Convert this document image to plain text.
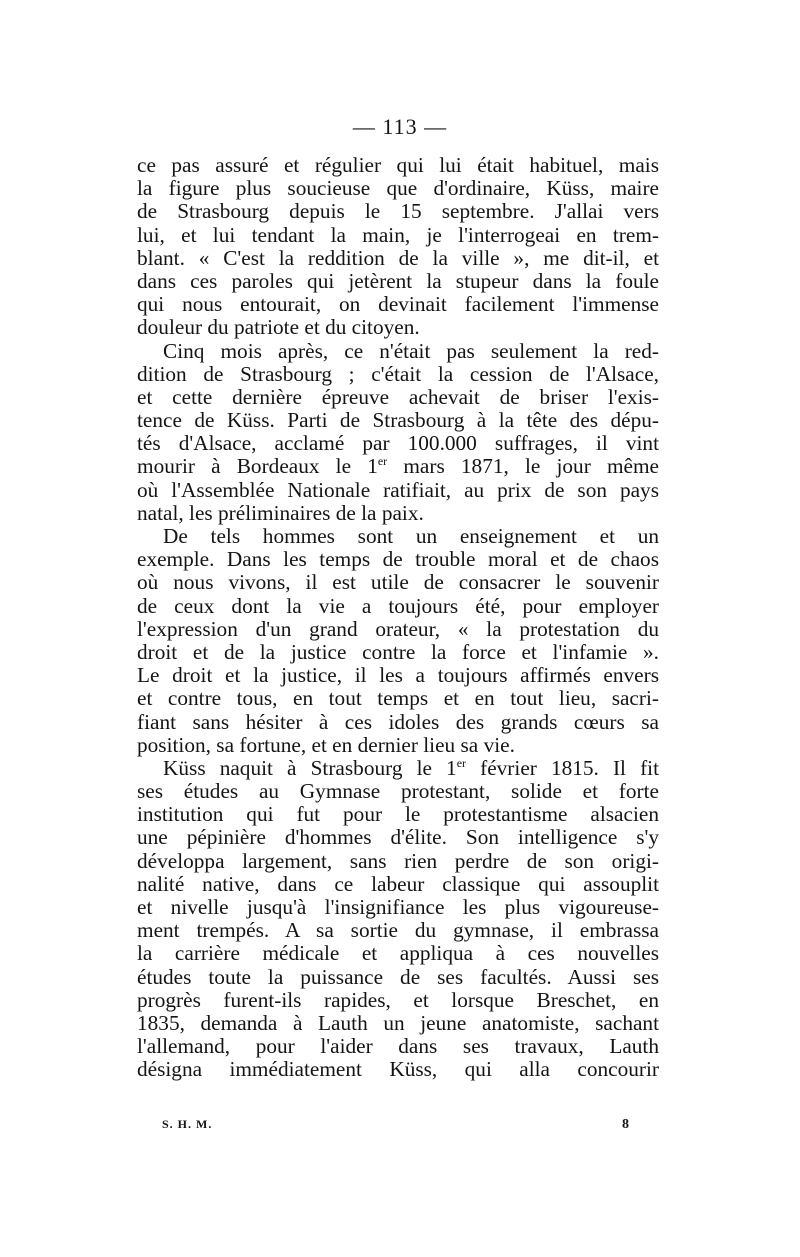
— 113 —
ce pas assuré et régulier qui lui était habituel, mais
la figure plus soucieuse que d'ordinaire, Küss, maire
de Strasbourg depuis le 15 septembre. J'allai vers
lui, et lui tendant la main, je l'interrogeai en trem-
blant. « C'est la reddition de la ville », me dit-il, et
dans ces paroles qui jetèrent la stupeur dans la foule
qui nous entourait, on devinait facilement l'immense
douleur du patriote et du citoyen.
Cinq mois après, ce n'était pas seulement la red-
dition de Strasbourg ; c'était la cession de l'Alsace,
et cette dernière épreuve achevait de briser l'exis-
tence de Küss. Parti de Strasbourg à la tête des dépu-
tés d'Alsace, acclamé par 100.000 suffrages, il vint
mourir à Bordeaux le 1er mars 1871, le jour même
où l'Assemblée Nationale ratifiait, au prix de son pays
natal, les préliminaires de la paix.
De tels hommes sont un enseignement et un
exemple. Dans les temps de trouble moral et de chaos
où nous vivons, il est utile de consacrer le souvenir
de ceux dont la vie a toujours été, pour employer
l'expression d'un grand orateur, « la protestation du
droit et de la justice contre la force et l'infamie ».
Le droit et la justice, il les a toujours affirmés envers
et contre tous, en tout temps et en tout lieu, sacri-
fiant sans hésiter à ces idoles des grands cœurs sa
position, sa fortune, et en dernier lieu sa vie.
Küss naquit à Strasbourg le 1er février 1815. Il fit
ses études au Gymnase protestant, solide et forte
institution qui fut pour le protestantisme alsacien
une pépinière d'hommes d'élite. Son intelligence s'y
développa largement, sans rien perdre de son origi-
nalité native, dans ce labeur classique qui assouplit
et nivelle jusqu'à l'insignifiance les plus vigoureuse-
ment trempés. A sa sortie du gymnase, il embrassa
la carrière médicale et appliqua à ces nouvelles
études toute la puissance de ses facultés. Aussi ses
progrès furent-ils rapides, et lorsque Breschet, en
1835, demanda à Lauth un jeune anatomiste, sachant
l'allemand, pour l'aider dans ses travaux, Lauth
désigna immédiatement Küss, qui alla concourir
S. H. M.	8
